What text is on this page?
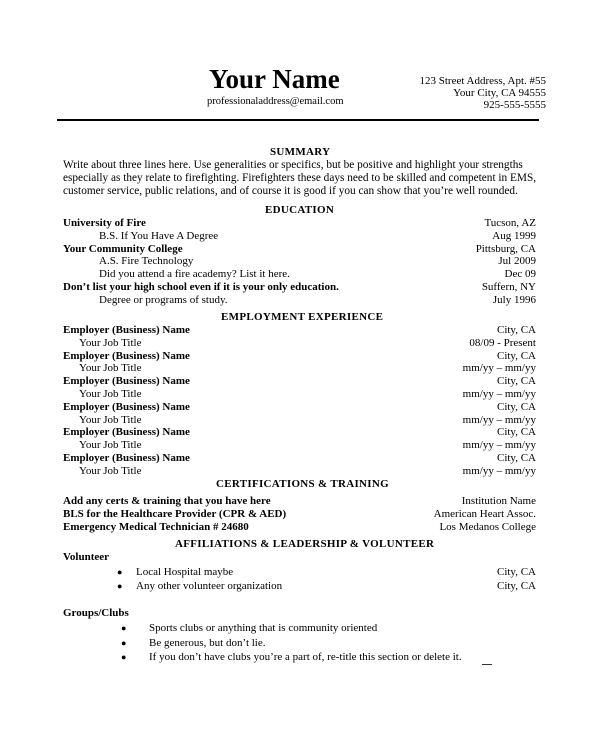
Your Name
professionaladdress@email.com
123 Street Address, Apt. #55
Your City, CA 94555
925-555-5555
SUMMARY
Write about three lines here. Use generalities or specifics, but be positive and highlight your strengths
especially as they relate to firefighting. Firefighters these days need to be skilled and competent in EMS,
customer service, public relations, and of course it is good if you can show that you’re well rounded.
EDUCATION
University of Fire	Tucson, AZ
B.S. If You Have A Degree	Aug 1999
Your Community College	Pittsburg, CA
A.S. Fire Technology	Jul 2009
Did you attend a fire academy? List it here.	Dec 09
Don’t list your high school even if it is your only education.	Suffern, NY
Degree or programs of study.	July 1996
EMPLOYMENT EXPERIENCE
Employer (Business) Name	City, CA
Your Job Title	08/09 - Present
Employer (Business) Name	City, CA
Your Job Title	mm/yy – mm/yy
Employer (Business) Name	City, CA
Your Job Title	mm/yy – mm/yy
Employer (Business) Name	City, CA
Your Job Title	mm/yy – mm/yy
Employer (Business) Name	City, CA
Your Job Title	mm/yy – mm/yy
Employer (Business) Name	City, CA
Your Job Title	mm/yy – mm/yy
CERTIFICATIONS & TRAINING
Add any certs & training that you have here	Institution Name
BLS for the Healthcare Provider (CPR & AED)	American Heart Assoc.
Emergency Medical Technician # 24680	Los Medanos College
AFFILIATIONS & LEADERSHIP & VOLUNTEER
Volunteer
Local Hospital maybe	City, CA
●
Any other volunteer organization	City, CA
●
Groups/Clubs
Sports clubs or anything that is community oriented
●
Be generous, but don’t lie.
●
If you don’t have clubs you’re a part of, re-title this section or delete it.
●
